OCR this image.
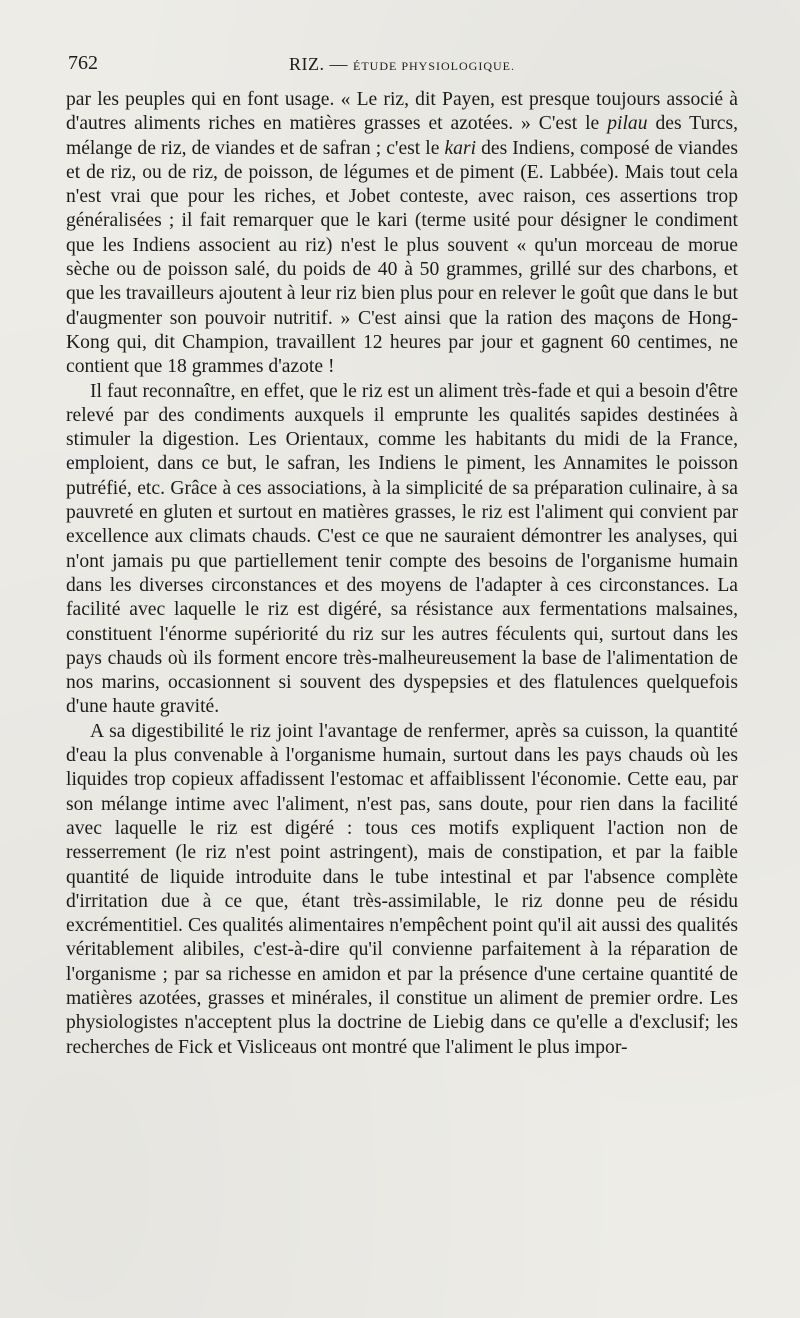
762	RIZ. — ÉTUDE PHYSIOLOGIQUE.

par les peuples qui en font usage. « Le riz, dit Payen, est presque toujours associé à d'autres aliments riches en matières grasses et azotées. » C'est le pilau des Turcs, mélange de riz, de viandes et de safran ; c'est le kari des Indiens, composé de viandes et de riz, ou de riz, de poisson, de légumes et de piment (E. Labbée). Mais tout cela n'est vrai que pour les riches, et Jobet conteste, avec raison, ces assertions trop généralisées ; il fait remarquer que le kari (terme usité pour désigner le condiment que les Indiens associent au riz) n'est le plus souvent « qu'un morceau de morue sèche ou de poisson salé, du poids de 40 à 50 grammes, grillé sur des charbons, et que les travailleurs ajoutent à leur riz bien plus pour en relever le goût que dans le but d'augmenter son pouvoir nutritif. » C'est ainsi que la ration des maçons de Hong-Kong qui, dit Champion, travaillent 12 heures par jour et gagnent 60 centimes, ne contient que 18 grammes d'azote !

Il faut reconnaître, en effet, que le riz est un aliment très-fade et qui a besoin d'être relevé par des condiments auxquels il emprunte les qualités sapides destinées à stimuler la digestion. Les Orientaux, comme les habitants du midi de la France, emploient, dans ce but, le safran, les Indiens le piment, les Annamites le poisson putréfié, etc. Grâce à ces associations, à la simplicité de sa préparation culinaire, à sa pauvreté en gluten et surtout en matières grasses, le riz est l'aliment qui convient par excellence aux climats chauds. C'est ce que ne sauraient démontrer les analyses, qui n'ont jamais pu que partiellement tenir compte des besoins de l'organisme humain dans les diverses circonstances et des moyens de l'adapter à ces circonstances. La facilité avec laquelle le riz est digéré, sa résistance aux fermentations malsaines, constituent l'énorme supériorité du riz sur les autres féculents qui, surtout dans les pays chauds où ils forment encore très-malheureusement la base de l'alimentation de nos marins, occasionnent si souvent des dyspepsies et des flatulences quelquefois d'une haute gravité.

A sa digestibilité le riz joint l'avantage de renfermer, après sa cuisson, la quantité d'eau la plus convenable à l'organisme humain, surtout dans les pays chauds où les liquides trop copieux affadissent l'estomac et affaiblissent l'économie. Cette eau, par son mélange intime avec l'aliment, n'est pas, sans doute, pour rien dans la facilité avec laquelle le riz est digéré : tous ces motifs expliquent l'action non de resserrement (le riz n'est point astringent), mais de constipation, et par la faible quantité de liquide introduite dans le tube intestinal et par l'absence complète d'irritation due à ce que, étant très-assimilable, le riz donne peu de résidu excrémentitiel. Ces qualités alimentaires n'empêchent point qu'il ait aussi des qualités véritablement alibiles, c'est-à-dire qu'il convienne parfaitement à la réparation de l'organisme ; par sa richesse en amidon et par la présence d'une certaine quantité de matières azotées, grasses et minérales, il constitue un aliment de premier ordre. Les physiologistes n'acceptent plus la doctrine de Liebig dans ce qu'elle a d'exclusif; les recherches de Fick et Visliceaus ont montré que l'aliment le plus impor-
